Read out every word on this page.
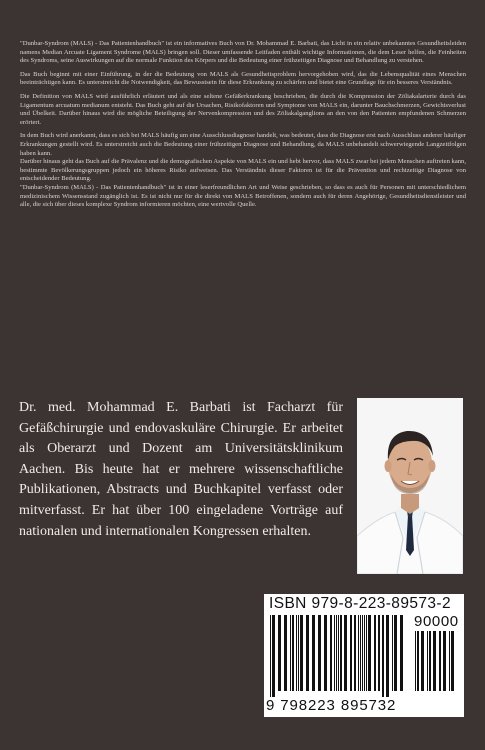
"Dunbar-Syndrom (MALS) - Das Patientenhandbuch" ist ein informatives Buch von Dr. Mohammad E. Barbati, das Licht in ein relativ unbekanntes Gesundheitsleiden namens Median Arcuate Ligament Syndrome (MALS) bringen soll. Dieser umfassende Leitfaden enthält wichtige Informationen, die dem Leser helfen, die Feinheiten des Syndroms, seine Auswirkungen auf die normale Funktion des Körpers und die Bedeutung einer frühzeitigen Diagnose und Behandlung zu verstehen.

Das Buch beginnt mit einer Einführung, in der die Bedeutung von MALS als Gesundheitsproblem hervorgehoben wird, das die Lebensqualität eines Menschen beeinträchtigen kann. Es unterstreicht die Notwendigkeit, das Bewusstsein für diese Erkrankung zu schärfen und bietet eine Grundlage für ein besseres Verständnis.

Die Definition von MALS wird ausführlich erläutert und als eine seltene Gefäßerkrankung beschrieben, die durch die Kompression der Zöliakalarterie durch das Ligamentum arcuatum medianum entsteht. Das Buch geht auf die Ursachen, Risikofaktoren und Symptome von MALS ein, darunter Bauchschmerzen, Gewichtsverlust und Übelkeit. Darüber hinaus wird die mögliche Beteiligung der Nervenkompression und des Zöliakalganglions an den von den Patienten empfundenen Schmerzen erörtert.

In dem Buch wird anerkannt, dass es sich bei MALS häufig um eine Ausschlussdiagnose handelt, was bedeutet, dass die Diagnose erst nach Ausschluss anderer häufiger Erkrankungen gestellt wird. Es unterstreicht auch die Bedeutung einer frühzeitigen Diagnose und Behandlung, da MALS unbehandelt schwerwiegende Langzeitfolgen haben kann.

Darüber hinaus geht das Buch auf die Prävalenz und die demografischen Aspekte von MALS ein und hebt hervor, dass MALS zwar bei jedem Menschen auftreten kann, bestimmte Bevölkerungsgruppen jedoch ein höheres Risiko aufweisen. Das Verständnis dieser Faktoren ist für die Prävention und rechtzeitige Diagnose von entscheidender Bedeutung.

"Dunbar-Syndrom (MALS) - Das Patientenhandbuch" ist in einer leserfreundlichen Art und Weise geschrieben, so dass es auch für Personen mit unterschiedlichem medizinischem Wissensstand zugänglich ist. Es ist nicht nur für die direkt von MALS Betroffenen, sondern auch für deren Angehörige, Gesundheitsdienstleister und alle, die sich über dieses komplexe Syndrom informieren möchten, eine wertvolle Quelle.

Dr. med. Mohammad E. Barbati ist Facharzt für Gefäßchirurgie und endovaskuläre Chirurgie. Er arbeitet als Oberarzt und Dozent am Universitätsklinikum Aachen. Bis heute hat er mehrere wissenschaftliche Publikationen, Abstracts und Buchkapitel verfasst oder mitverfasst. Er hat über 100 eingeladene Vorträge auf nationalen und internationalen Kongressen erhalten.
ISBN 979-8-223-89573-2
90000
9 798223 895732
